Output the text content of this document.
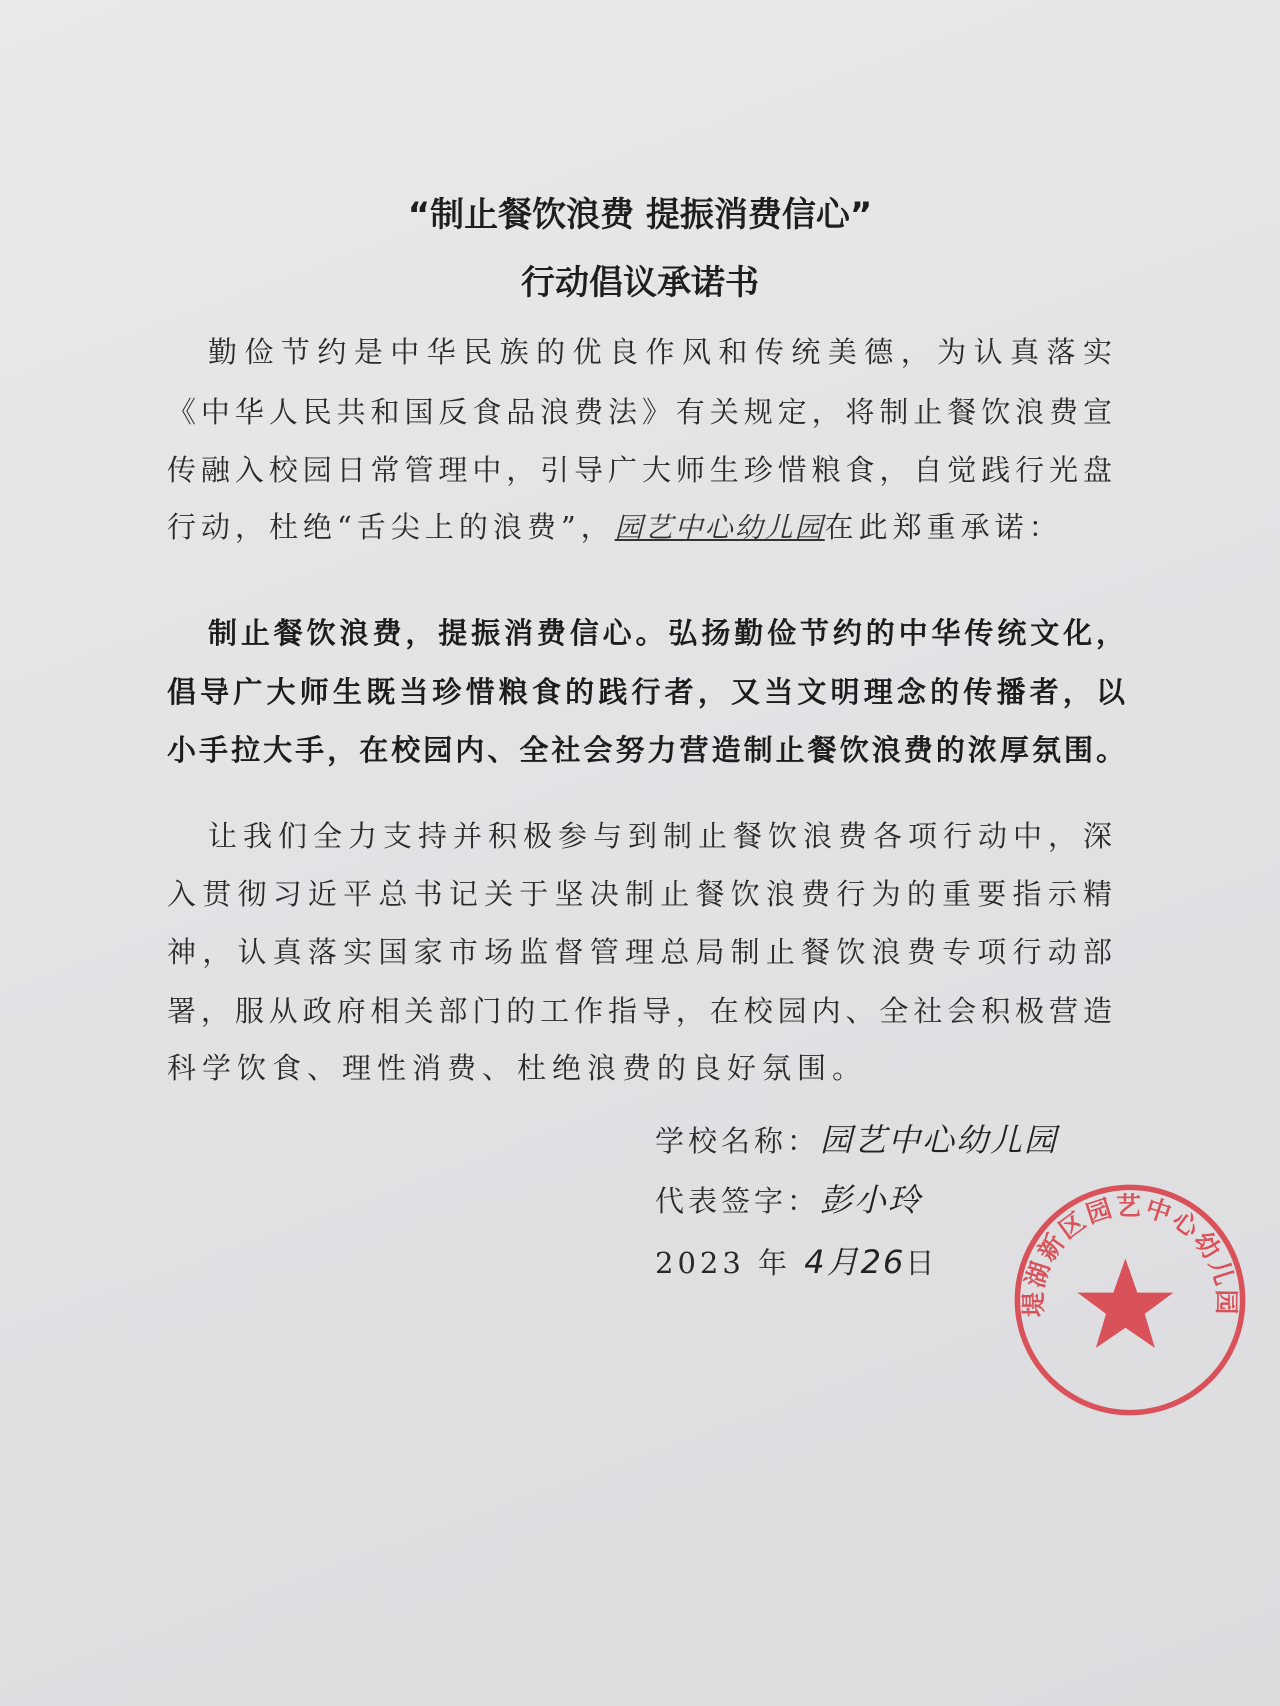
“制止餐饮浪费 提振消费信心”
行动倡议承诺书
勤俭节约是中华民族的优良作风和传统美德，为认真落实
《中华人民共和国反食品浪费法》有关规定，将制止餐饮浪费宣
传融入校园日常管理中，引导广大师生珍惜粮食，自觉践行光盘
行动，杜绝“舌尖上的浪费”，园艺中心幼儿园在此郑重承诺：
制止餐饮浪费，提振消费信心。弘扬勤俭节约的中华传统文化，
倡导广大师生既当珍惜粮食的践行者，又当文明理念的传播者，以
小手拉大手，在校园内、全社会努力营造制止餐饮浪费的浓厚氛围。
让我们全力支持并积极参与到制止餐饮浪费各项行动中，深
入贯彻习近平总书记关于坚决制止餐饮浪费行为的重要指示精
神，认真落实国家市场监督管理总局制止餐饮浪费专项行动部
署，服从政府相关部门的工作指导，在校园内、全社会积极营造
科学饮食、理性消费、杜绝浪费的良好氛围。
学校名称：园艺中心幼儿园
代表签字：彭小玲
2023 年 4月26日
堤湖新区园艺中心幼儿园
